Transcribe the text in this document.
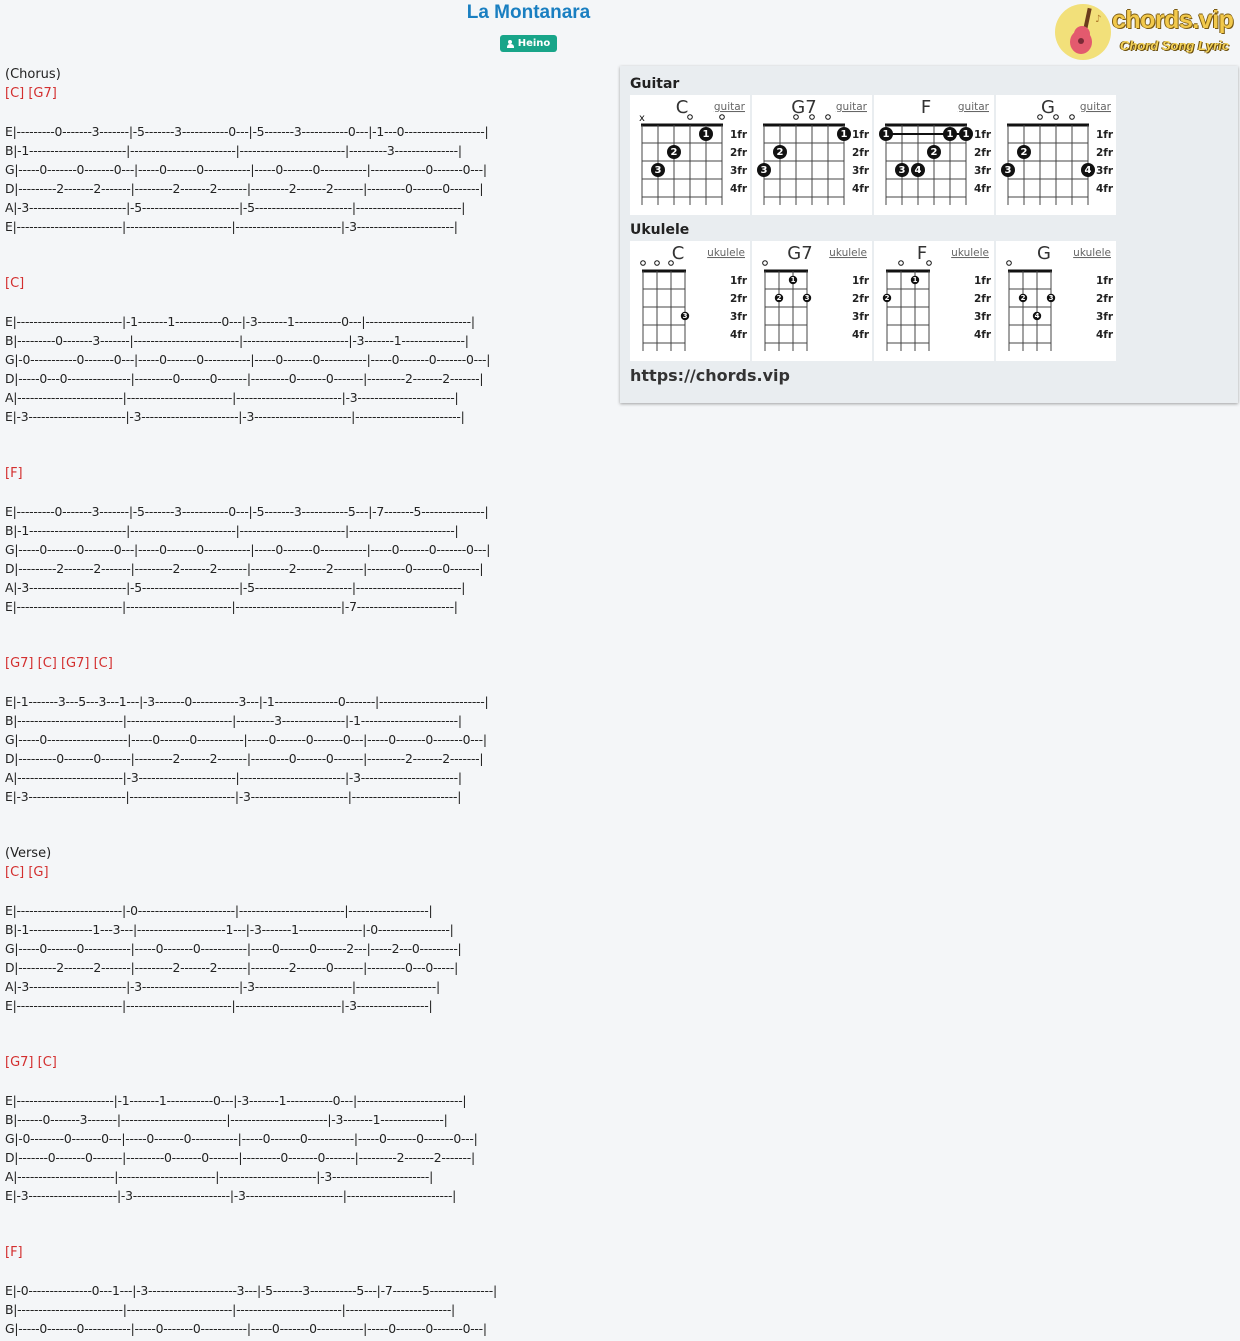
La Montanara
Heino
♪ chords.vip
Chord Song Lyric
(Chorus)
[C] [G7]
E|---------0-------3-------|-5-------3-----------0---|-5-------3-----------0---|-1---0-------------------|
B|-1-----------------------|-------------------------|-------------------------|---------3---------------|
G|-----0-------0-------0---|-----0-------0-----------|-----0-------0-----------|-------------0-------0---|
D|---------2-------2-------|---------2-------2-------|---------2-------2-------|---------0-------0-------|
A|-3-----------------------|-5-----------------------|-5-----------------------|-------------------------|
E|-------------------------|-------------------------|-------------------------|-3-----------------------|
[C]
E|-------------------------|-1-------1-----------0---|-3-------1-----------0---|-------------------------|
B|---------0-------3-------|-------------------------|-------------------------|-3-------1---------------|
G|-0-----------0-------0---|-----0-------0-----------|-----0-------0-----------|-----0-------0-------0---|
D|-----0---0---------------|---------0-------0-------|---------0-------0-------|---------2-------2-------|
A|-------------------------|-------------------------|-------------------------|-3-----------------------|
E|-3-----------------------|-3-----------------------|-3-----------------------|-------------------------|
[F]
E|---------0-------3-------|-5-------3-----------0---|-5-------3-----------5---|-7-------5---------------|
B|-1-----------------------|-------------------------|-------------------------|-------------------------|
G|-----0-------0-------0---|-----0-------0-----------|-----0-------0-----------|-----0-------0-------0---|
D|---------2-------2-------|---------2-------2-------|---------2-------2-------|---------0-------0-------|
A|-3-----------------------|-5-----------------------|-5-----------------------|-------------------------|
E|-------------------------|-------------------------|-------------------------|-7-----------------------|
[G7] [C] [G7] [C]
E|-1-------3---5---3---1---|-3-------0-----------3---|-1---------------0-------|-------------------------|
B|-------------------------|-------------------------|---------3---------------|-1-----------------------|
G|-----0-------------------|-----0-------0-----------|-----0-------0-------0---|-----0-------0-------0---|
D|---------0-------0-------|---------2-------2-------|---------0-------0-------|---------2-------2-------|
A|-------------------------|-3-----------------------|-------------------------|-3-----------------------|
E|-3-----------------------|-------------------------|-3-----------------------|-------------------------|
(Verse)
[C] [G]
E|-------------------------|-0-----------------------|-------------------------|-------------------|
B|-1---------------1---3---|---------------------1---|-3-------1---------------|-0-----------------|
G|-----0-------0-----------|-----0-------0-----------|-----0-------0-------2---|-----2---0---------|
D|---------2-------2-------|---------2-------2-------|---------2-------0-------|---------0---0-----|
A|-3-----------------------|-3-----------------------|-3-----------------------|-------------------|
E|-------------------------|-------------------------|-------------------------|-3-----------------|
[G7] [C]
E|-----------------------|-1-------1-----------0---|-3-------1-----------0---|-------------------------|
B|------0-------3-------|-------------------------|-----------------------|-3-------1---------------|
G|-0--------0-------0---|-----0-------0-----------|-----0-------0-----------|-----0-------0-------0---|
D|-------0-------0-------|---------0-------0-------|---------0-------0-------|---------2-------2-------|
A|-----------------------|-----------------------|-----------------------|-3-----------------------|
E|-3---------------------|-3-----------------------|-3-----------------------|-------------------------|
[F]
E|-0---------------0---1---|-3---------------------3---|-5-------3-----------5---|-7-------5---------------|
B|-------------------------|-------------------------|-------------------------|-------------------------|
G|-----0-------0-----------|-----0-------0-----------|-----0-------0-----------|-----0-------0-------0---|
Guitar
C guitar
1fr
2fr
3fr
4fr
x
1
2
3
G7 guitar
1fr
2fr
3fr
4fr
1
2
3
F	guitar
1fr
2fr
3fr
4fr
1	1 1
2
3 4
G guitar
1fr
2fr
3fr
4fr
2
3	4
Ukulele
C ukulele
1fr
2fr
3fr
4fr
3
G7 ukulele
1fr
2fr
3fr
4fr
1
2	3
F ukulele
1fr
2fr
3fr
4fr
1
2
G ukulele
1fr
2fr
3fr
4fr
2	3
4
https://chords.vip
